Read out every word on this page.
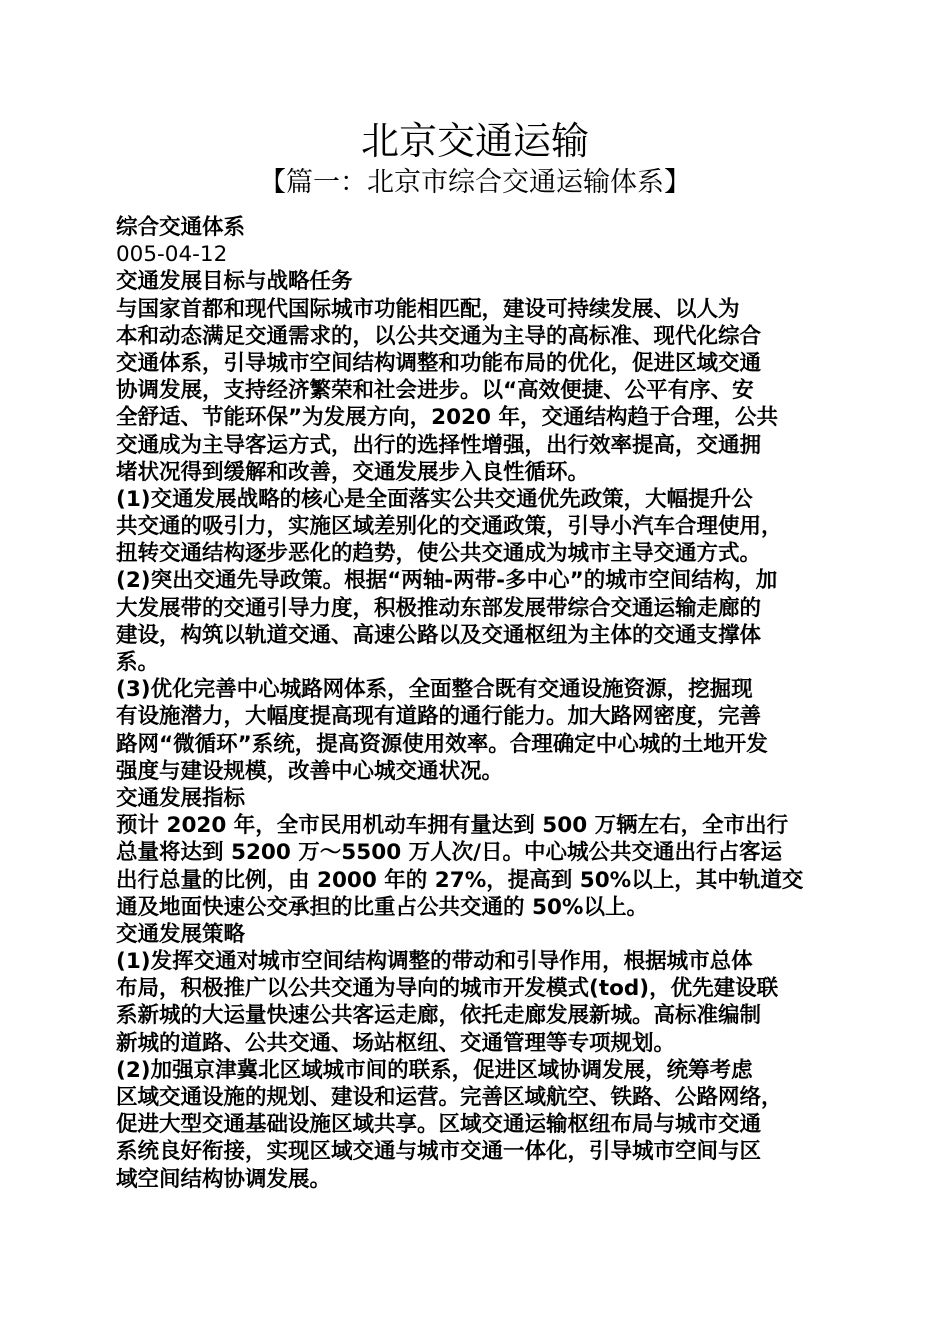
北京交通运输
【篇一：北京市综合交通运输体系】
综合交通体系
005-04-12
交通发展目标与战略任务
与国家首都和现代国际城市功能相匹配，建设可持续发展、以人为
本和动态满足交通需求的，以公共交通为主导的高标准、现代化综合
交通体系，引导城市空间结构调整和功能布局的优化，促进区域交通
协调发展，支持经济繁荣和社会进步。以“高效便捷、公平有序、安
全舒适、节能环保”为发展方向，2020 年，交通结构趋于合理，公共
交通成为主导客运方式，出行的选择性增强，出行效率提高，交通拥
堵状况得到缓解和改善，交通发展步入良性循环。
(1)交通发展战略的核心是全面落实公共交通优先政策，大幅提升公
共交通的吸引力，实施区域差别化的交通政策，引导小汽车合理使用，
扭转交通结构逐步恶化的趋势，使公共交通成为城市主导交通方式。
(2)突出交通先导政策。根据“两轴-两带-多中心”的城市空间结构，加
大发展带的交通引导力度，积极推动东部发展带综合交通运输走廊的
建设，构筑以轨道交通、高速公路以及交通枢纽为主体的交通支撑体
系。
(3)优化完善中心城路网体系，全面整合既有交通设施资源，挖掘现
有设施潜力，大幅度提高现有道路的通行能力。加大路网密度，完善
路网“微循环”系统，提高资源使用效率。合理确定中心城的土地开发
强度与建设规模，改善中心城交通状况。
交通发展指标
预计 2020 年，全市民用机动车拥有量达到 500 万辆左右，全市出行
总量将达到 5200 万～5500 万人次/日。中心城公共交通出行占客运
出行总量的比例，由 2000 年的 27%，提高到 50%以上，其中轨道交
通及地面快速公交承担的比重占公共交通的 50%以上。
交通发展策略
(1)发挥交通对城市空间结构调整的带动和引导作用，根据城市总体
布局，积极推广以公共交通为导向的城市开发模式(tod)，优先建设联
系新城的大运量快速公共客运走廊，依托走廊发展新城。高标准编制
新城的道路、公共交通、场站枢纽、交通管理等专项规划。
(2)加强京津冀北区域城市间的联系，促进区域协调发展，统筹考虑
区域交通设施的规划、建设和运营。完善区域航空、铁路、公路网络，
促进大型交通基础设施区域共享。区域交通运输枢纽布局与城市交通
系统良好衔接，实现区域交通与城市交通一体化，引导城市空间与区
域空间结构协调发展。
